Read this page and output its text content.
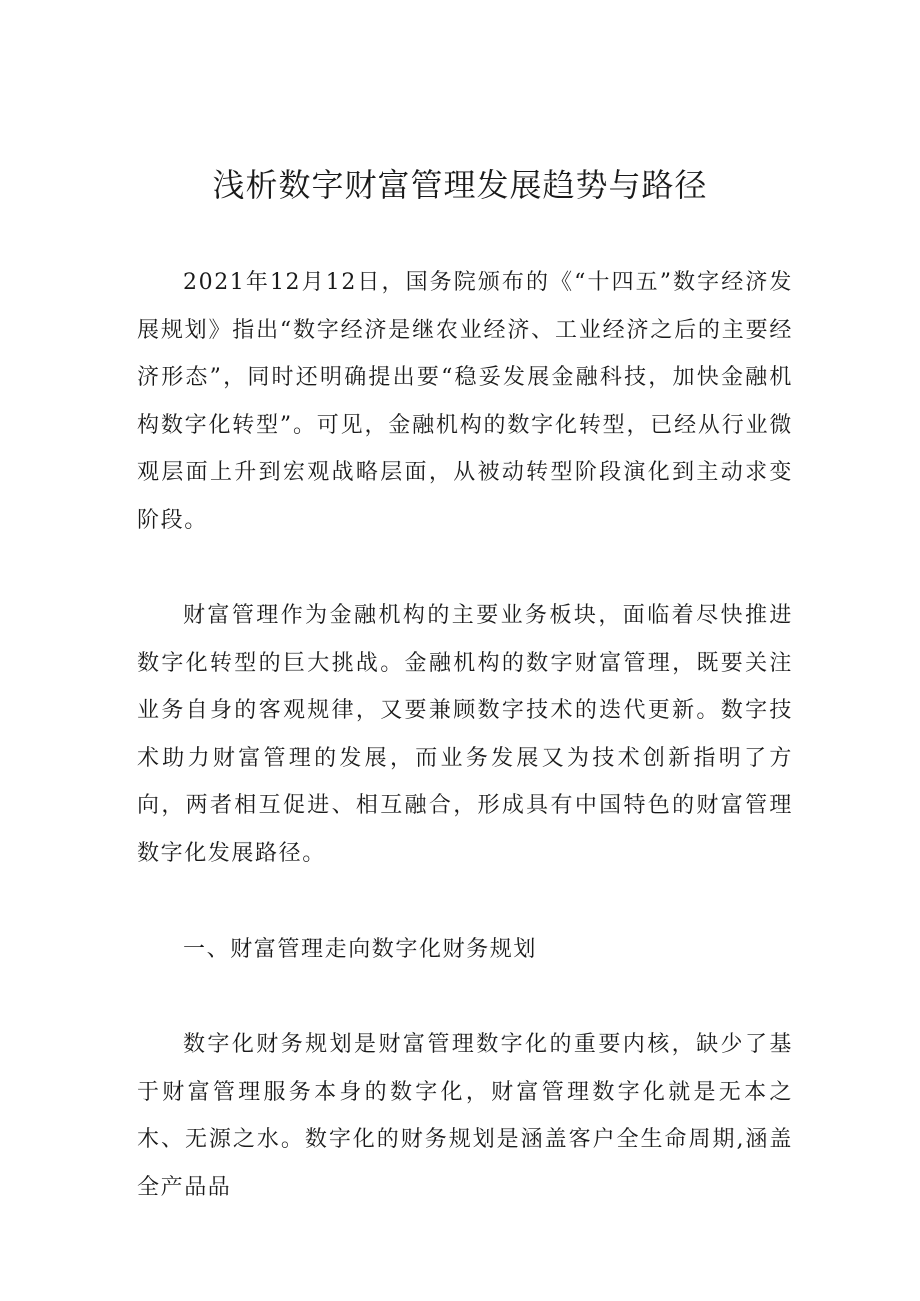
浅析数字财富管理发展趋势与路径

2021年12月12日，国务院颁布的《“十四五”数字经济发展规划》指出“数字经济是继农业经济、工业经济之后的主要经济形态”，同时还明确提出要“稳妥发展金融科技，加快金融机构数字化转型”。可见，金融机构的数字化转型，已经从行业微观层面上升到宏观战略层面，从被动转型阶段演化到主动求变阶段。

财富管理作为金融机构的主要业务板块，面临着尽快推进数字化转型的巨大挑战。金融机构的数字财富管理，既要关注业务自身的客观规律，又要兼顾数字技术的迭代更新。数字技术助力财富管理的发展，而业务发展又为技术创新指明了方向，两者相互促进、相互融合，形成具有中国特色的财富管理数字化发展路径。

一、财富管理走向数字化财务规划

数字化财务规划是财富管理数字化的重要内核，缺少了基于财富管理服务本身的数字化，财富管理数字化就是无本之木、无源之水。数字化的财务规划是涵盖客户全生命周期,涵盖全产品品
